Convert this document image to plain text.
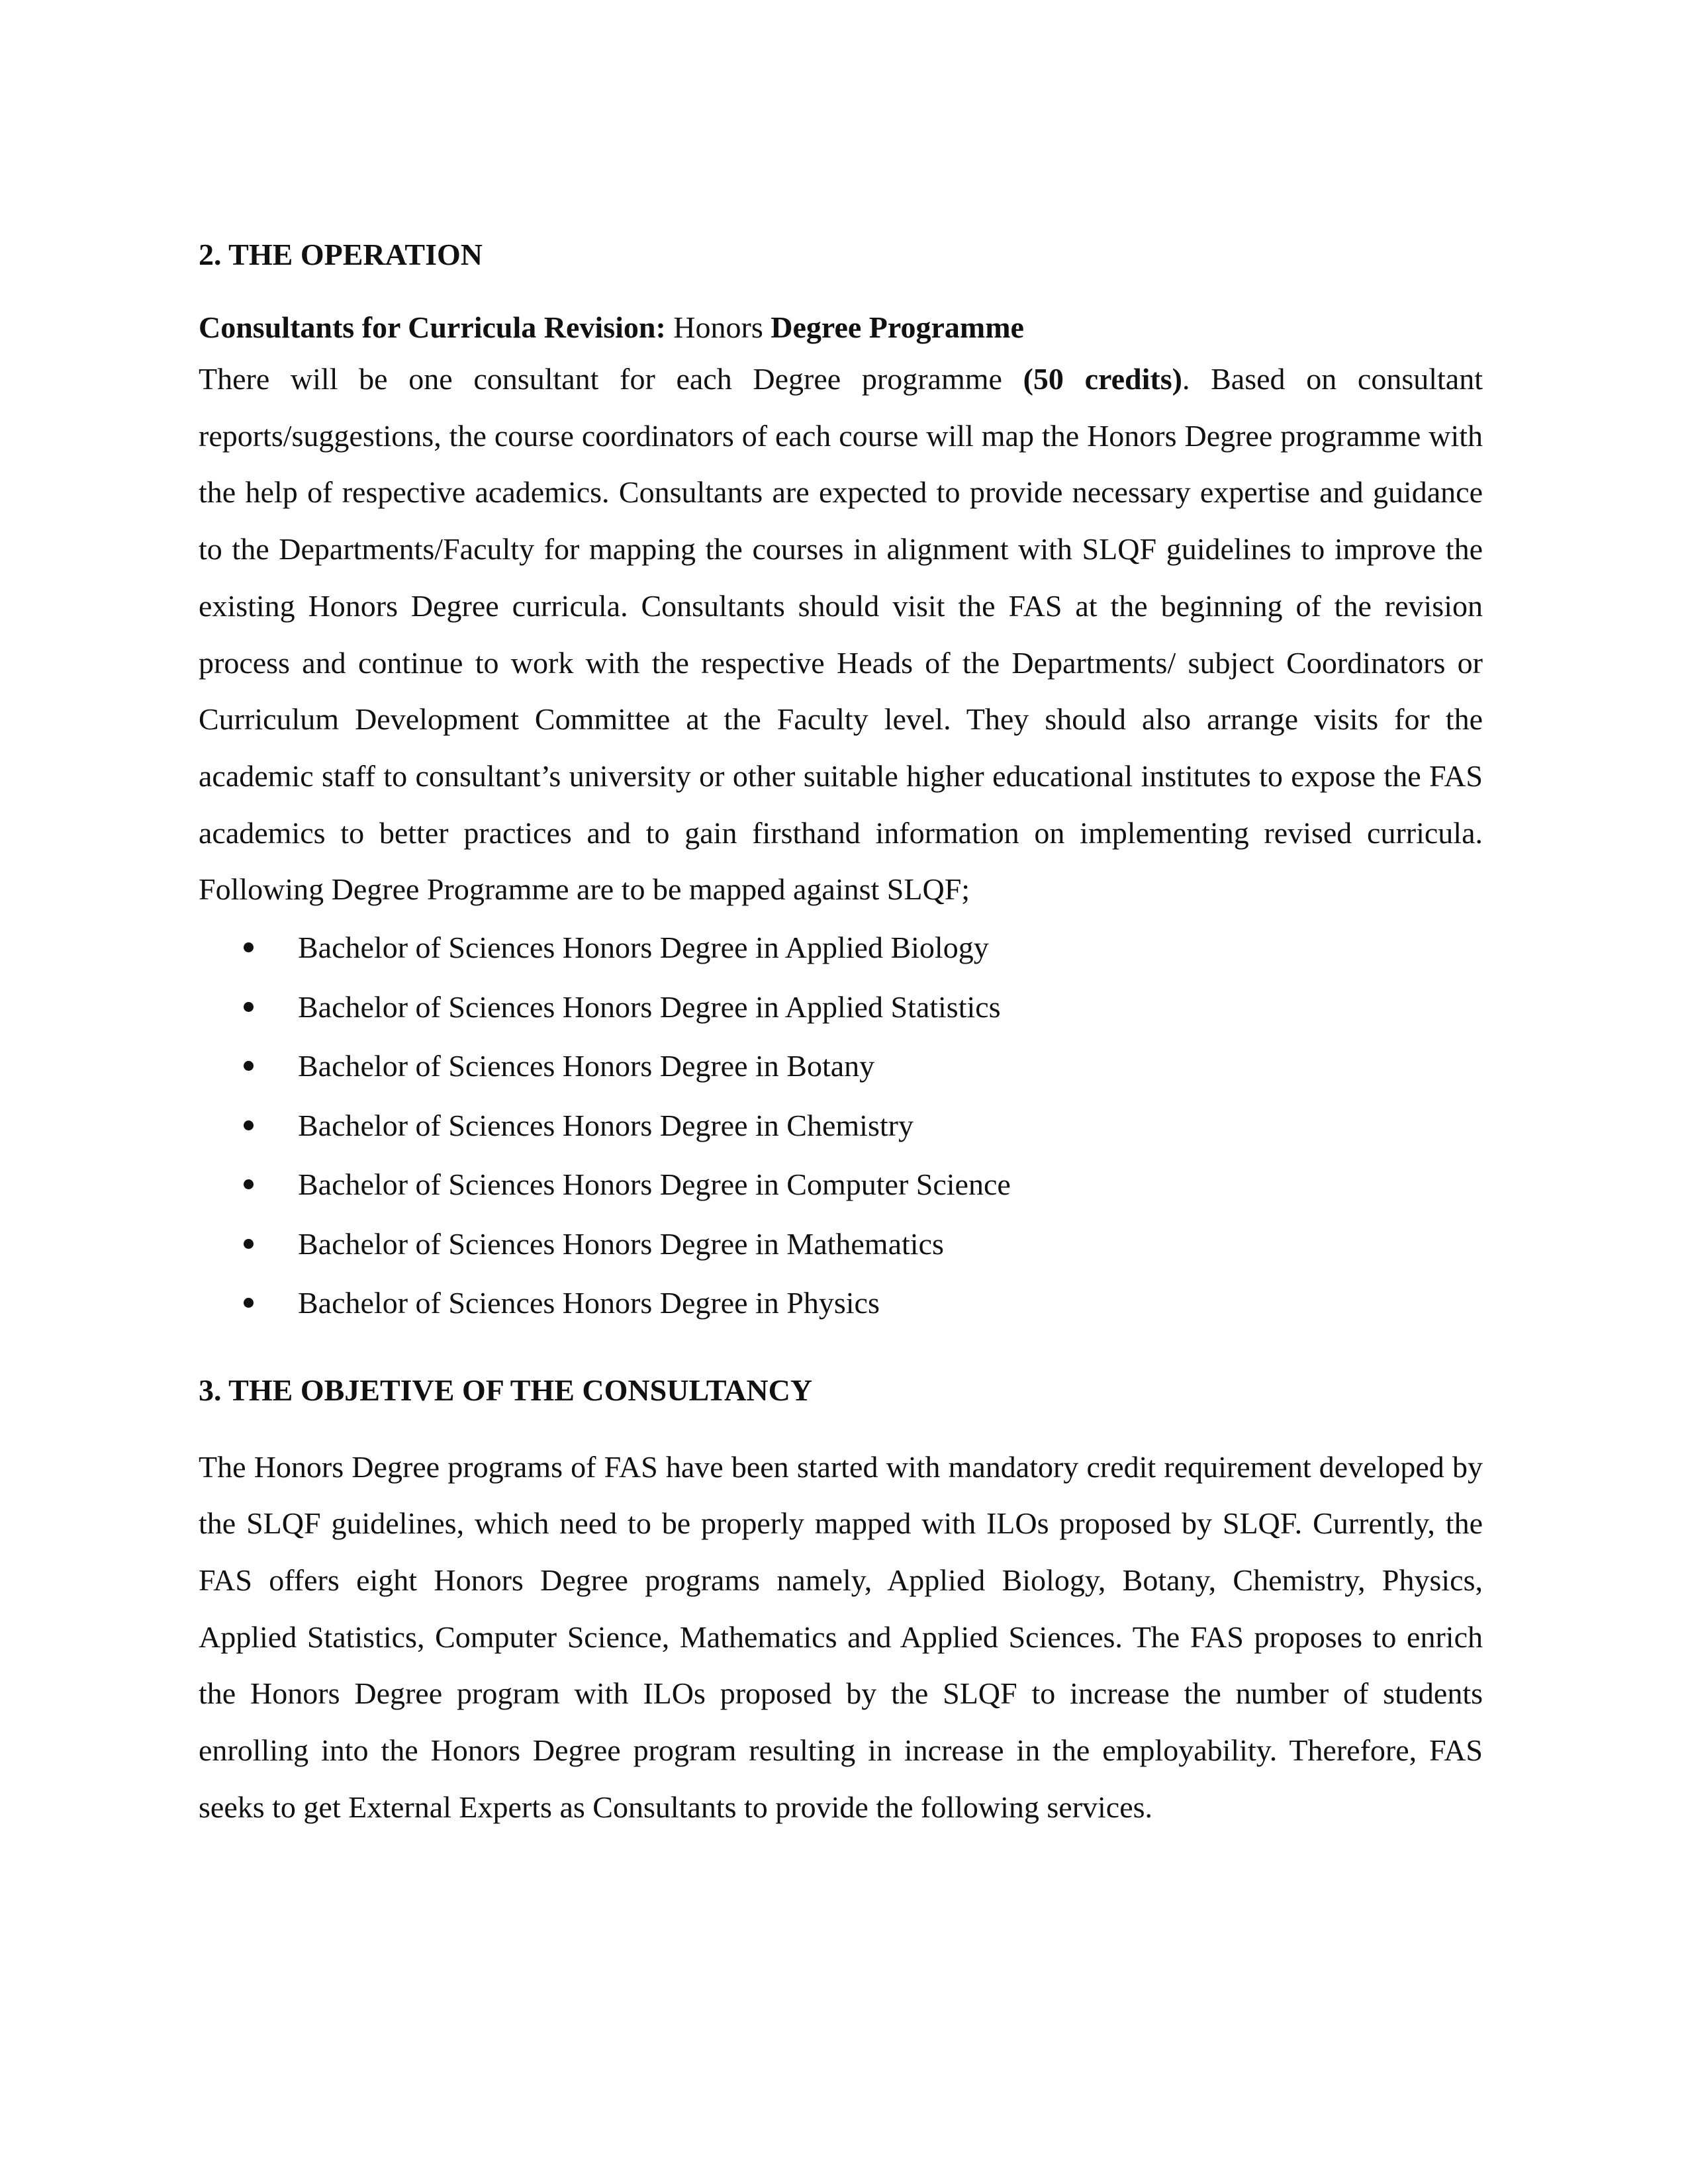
2. THE OPERATION

Consultants for Curricula Revision: Honors Degree Programme

There will be one consultant for each Degree programme (50 credits). Based on consultant reports/suggestions, the course coordinators of each course will map the Honors Degree programme with the help of respective academics. Consultants are expected to provide necessary expertise and guidance to the Departments/Faculty for mapping the courses in alignment with SLQF guidelines to improve the existing Honors Degree curricula. Consultants should visit the FAS at the beginning of the revision process and continue to work with the respective Heads of the Departments/ subject Coordinators or Curriculum Development Committee at the Faculty level. They should also arrange visits for the academic staff to consultant’s university or other suitable higher educational institutes to expose the FAS academics to better practices and to gain firsthand information on implementing revised curricula. Following Degree Programme are to be mapped against SLQF;

Bachelor of Sciences Honors Degree in Applied Biology
Bachelor of Sciences Honors Degree in Applied Statistics
Bachelor of Sciences Honors Degree in Botany
Bachelor of Sciences Honors Degree in Chemistry
Bachelor of Sciences Honors Degree in Computer Science
Bachelor of Sciences Honors Degree in Mathematics
Bachelor of Sciences Honors Degree in Physics
3. THE OBJETIVE OF THE CONSULTANCY

The Honors Degree programs of FAS have been started with mandatory credit requirement developed by the SLQF guidelines, which need to be properly mapped with ILOs proposed by SLQF. Currently, the FAS offers eight Honors Degree programs namely, Applied Biology, Botany, Chemistry, Physics, Applied Statistics, Computer Science, Mathematics and Applied Sciences. The FAS proposes to enrich the Honors Degree program with ILOs proposed by the SLQF to increase the number of students enrolling into the Honors Degree program resulting in increase in the employability. Therefore, FAS seeks to get External Experts as Consultants to provide the following services.
